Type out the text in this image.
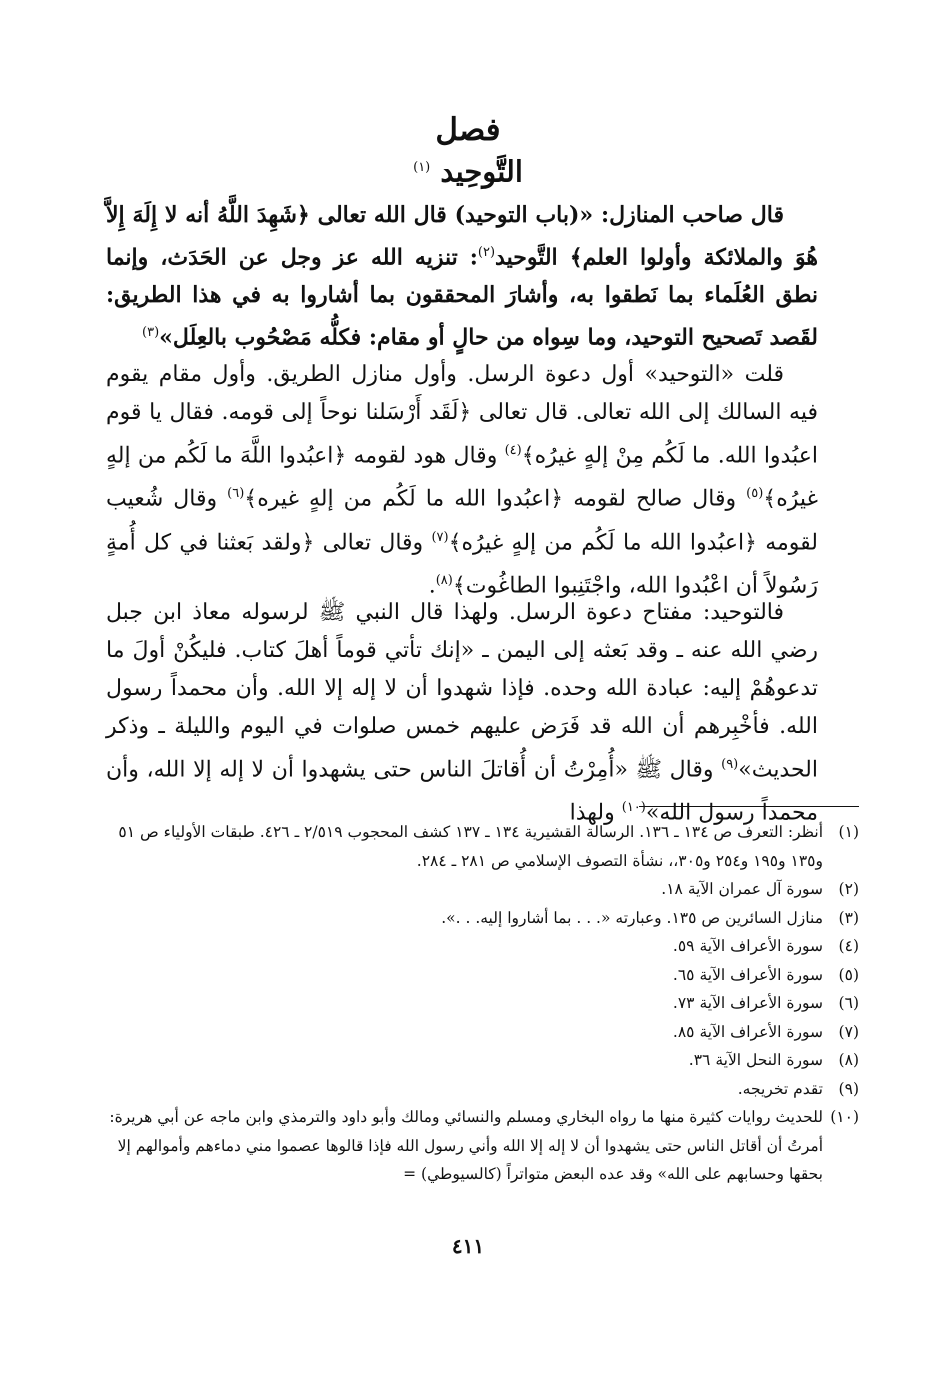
فصل
التَّوحِيد $^{(١)}$

قال صاحب المنازل: «(باب التوحيد) قال الله تعالى ﴿شَهِدَ اللَّهُ أنه لا إِلَهَ إِلاَّ هُوَ والملائكة وأولوا العلم﴾ التَّوحيد$^{(٢)}$: تنزيه الله عز وجل عن الحَدَث، وإنما نطق العُلَماء بما نَطقوا به، وأشارَ المحققون بما أشاروا به في هذا الطريق: لقَصد تَصحيح التوحيد، وما سِواه من حالٍ أو مقام: فكلُّه مَصْحُوب بالعِلَل»$^{(٣)}$

قلت «التوحيد» أول دعوة الرسل. وأول منازل الطريق. وأول مقام يقوم فيه السالك إلى الله تعالى. قال تعالى ﴿لَقَد أَرْسَلنا نوحاً إلى قومه. فقال يا قوم اعبُدوا الله. ما لَكُم مِنْ إلهٍ غيرُه﴾$^{(٤)}$ وقال هود لقومه ﴿اعبُدوا اللَّهَ ما لَكُم من إلهٍ غيرُه﴾$^{(٥)}$ وقال صالح لقومه ﴿اعبُدوا الله ما لَكُم من إلهٍ غيره﴾$^{(٦)}$ وقال شُعيب لقومه ﴿اعبُدوا الله ما لَكُم من إلهٍ غيرُه﴾$^{(٧)}$ وقال تعالى ﴿ولقد بَعثنا في كل أُمةٍ رَسُولاً أن اعْبُدوا الله، واجْتَنِبوا الطاغُوت﴾$^{(٨)}$.

فالتوحيد: مفتاح دعوة الرسل. ولهذا قال النبي ﷺ لرسوله معاذ ابن جبل رضي الله عنه ـ وقد بَعثه إلى اليمن ـ «إنك تأتي قوماً أهلَ كتاب. فليكُنْ أولَ ما تدعوهُمْ إليه: عبادة الله وحده. فإذا شهدوا أن لا إله إلا الله. وأن محمداً رسول الله. فأخْبِرهم أن الله قد فَرَض عليهم خمس صلوات في اليوم والليلة ـ وذكر الحديث»$^{(٩)}$ وقال ﷺ «أُمِرْتُ أن أُقاتلَ الناس حتى يشهدوا أن لا إله إلا الله، وأن محمداً رسول الله»$^{(١٠)}$ ولهذا

(١)
أنظر: التعرف ص ١٣٤ ـ ١٣٦. الرسالة القشيرية ١٣٤ ـ ١٣٧ كشف المحجوب ٢/٥١٩ ـ ٤٢٦. طبقات الأولياء ص ٥١ و١٣٥ و١٩٥ و٢٥٤ و٣٠٥،، نشأة التصوف الإسلامي ص ٢٨١ ـ ٢٨٤.
(٢)
سورة آل عمران الآية ١٨.
(٣)
منازل السائرين ص ١٣٥. وعبارته «. . . بما أشاروا إليه. . .».
(٤)
سورة الأعراف الآية ٥٩.
(٥)
سورة الأعراف الآية ٦٥.
(٦)
سورة الأعراف الآية ٧٣.
(٧)
سورة الأعراف الآية ٨٥.
(٨)
سورة النحل الآية ٣٦.
(٩)
تقدم تخريجه.
(١٠)
للحديث روايات كثيرة منها ما رواه البخاري ومسلم والنسائي ومالك وأبو داود والترمذي وابن ماجه عن أبي هريرة: أمرتُ أن أقاتل الناس حتى يشهدوا أن لا إله إلا الله وأني رسول الله فإذا قالوها عصموا مني دماءهم وأموالهم إلا بحقها وحسابهم على الله» وقد عده البعض متواتراً (كالسيوطي) =
٤١١
